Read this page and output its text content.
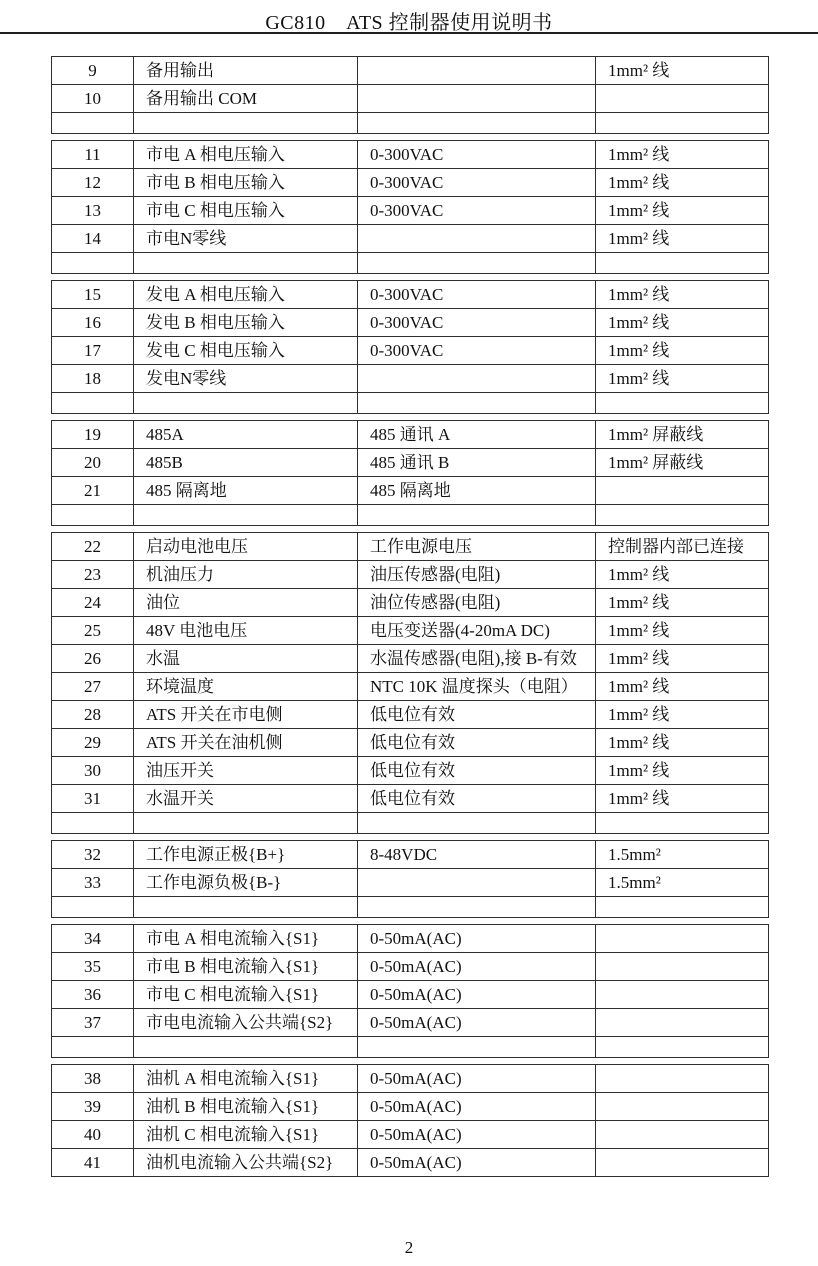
GC810　ATS 控制器使用说明书
9	备用输出		1mm² 线
10	备用输出 COM		

11	市电 A 相电压输入	0-300VAC	1mm² 线
12	市电 B 相电压输入	0-300VAC	1mm² 线
13	市电 C 相电压输入	0-300VAC	1mm² 线
14	市电N零线		1mm² 线

15	发电 A 相电压输入	0-300VAC	1mm² 线
16	发电 B 相电压输入	0-300VAC	1mm² 线
17	发电 C 相电压输入	0-300VAC	1mm² 线
18	发电N零线		1mm² 线

19	485A	485 通讯 A	1mm² 屏蔽线
20	485B	485 通讯 B	1mm² 屏蔽线
21	485 隔离地	485 隔离地	

22	启动电池电压	工作电源电压	控制器内部已连接
23	机油压力	油压传感器(电阻)	1mm² 线
24	油位	油位传感器(电阻)	1mm² 线
25	48V 电池电压	电压变送器(4-20mA DC)	1mm² 线
26	水温	水温传感器(电阻),接 B-有效	1mm² 线
27	环境温度	NTC 10K 温度探头（电阻）	1mm² 线
28	ATS 开关在市电侧	低电位有效	1mm² 线
29	ATS 开关在油机侧	低电位有效	1mm² 线
30	油压开关	低电位有效	1mm² 线
31	水温开关	低电位有效	1mm² 线

32	工作电源正极{B+}	8-48VDC	1.5mm²
33	工作电源负极{B-}		1.5mm²

34	市电 A 相电流输入{S1}	0-50mA(AC)	
35	市电 B 相电流输入{S1}	0-50mA(AC)	
36	市电 C 相电流输入{S1}	0-50mA(AC)	
37	市电电流输入公共端{S2}	0-50mA(AC)	

38	油机 A 相电流输入{S1}	0-50mA(AC)	
39	油机 B 相电流输入{S1}	0-50mA(AC)	
40	油机 C 相电流输入{S1}	0-50mA(AC)	
41	油机电流输入公共端{S2}	0-50mA(AC)	
2
